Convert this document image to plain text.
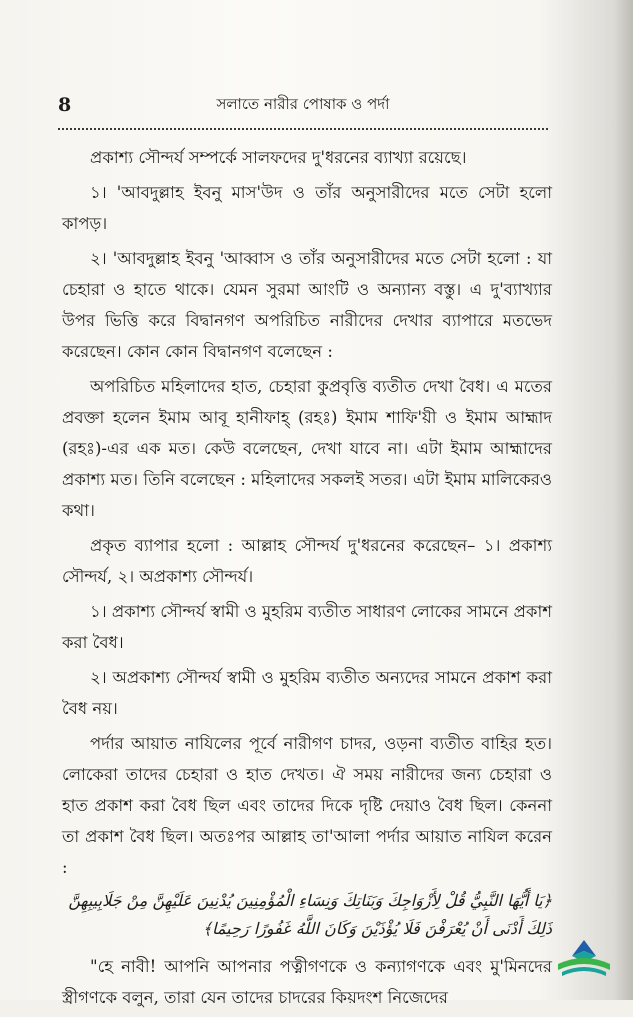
8	সলাতে নারীর পোষাক ও পর্দা

প্রকাশ্য সৌন্দর্য সম্পর্কে সালফদের দু'ধরনের ব্যাখ্যা রয়েছে।

১। 'আবদুল্লাহ ইবনু মাস'উদ ও তাঁর অনুসারীদের মতে সেটা হলো কাপড়।

২। 'আবদুল্লাহ ইবনু 'আব্বাস ও তাঁর অনুসারীদের মতে সেটা হলো : যা চেহারা ও হাতে থাকে। যেমন সুরমা আংটি ও অন্যান্য বস্তু। এ দু'ব্যাখ্যার উপর ভিত্তি করে বিদ্বানগণ অপরিচিত নারীদের দেখার ব্যাপারে মতভেদ করেছেন। কোন কোন বিদ্বানগণ বলেছেন :

অপরিচিত মহিলাদের হাত, চেহারা কুপ্রবৃত্তি ব্যতীত দেখা বৈধ। এ মতের প্রবক্তা হলেন ইমাম আবূ হানীফাহ্ (রহঃ) ইমাম শাফি'য়ী ও ইমাম আহ্মাদ (রহঃ)-এর এক মত। কেউ বলেছেন, দেখা যাবে না। এটা ইমাম আহ্মাদের প্রকাশ্য মত। তিনি বলেছেন : মহিলাদের সকলই সতর। এটা ইমাম মালিকেরও কথা।

প্রকৃত ব্যাপার হলো : আল্লাহ সৌন্দর্য দু'ধরনের করেছেন– ১। প্রকাশ্য সৌন্দর্য, ২। অপ্রকাশ্য সৌন্দর্য।

১। প্রকাশ্য সৌন্দর্য স্বামী ও মুহরিম ব্যতীত সাধারণ লোকের সামনে প্রকাশ করা বৈধ।

২। অপ্রকাশ্য সৌন্দর্য স্বামী ও মুহরিম ব্যতীত অন্যদের সামনে প্রকাশ করা বৈধ নয়।

পর্দার আয়াত নাযিলের পূর্বে নারীগণ চাদর, ওড়না ব্যতীত বাহির হত। লোকেরা তাদের চেহারা ও হাত দেখত। ঐ সময় নারীদের জন্য চেহারা ও হাত প্রকাশ করা বৈধ ছিল এবং তাদের দিকে দৃষ্টি দেয়াও বৈধ ছিল। কেননা তা প্রকাশ বৈধ ছিল। অতঃপর আল্লাহ তা'আলা পর্দার আয়াত নাযিল করেন :

﴿يَا أَيُّهَا النَّبِيُّ قُلْ لِأَزْوَاجِكَ وَبَنَاتِكَ وَنِسَاءِ الْمُؤْمِنِينَ يُدْنِينَ عَلَيْهِنَّ مِنْ جَلَابِيبِهِنَّ ذَلِكَ أَدْنَى أَنْ يُعْرَفْنَ فَلَا يُؤْذَيْنَ وَكَانَ اللَّهُ غَفُورًا رَحِيمًا﴾

"হে নাবী! আপনি আপনার পত্নীগণকে ও কন্যাগণকে এবং মু'মিনদের স্ত্রীগণকে বলুন, তারা যেন তাদের চাদরের কিয়দংশ নিজেদের
